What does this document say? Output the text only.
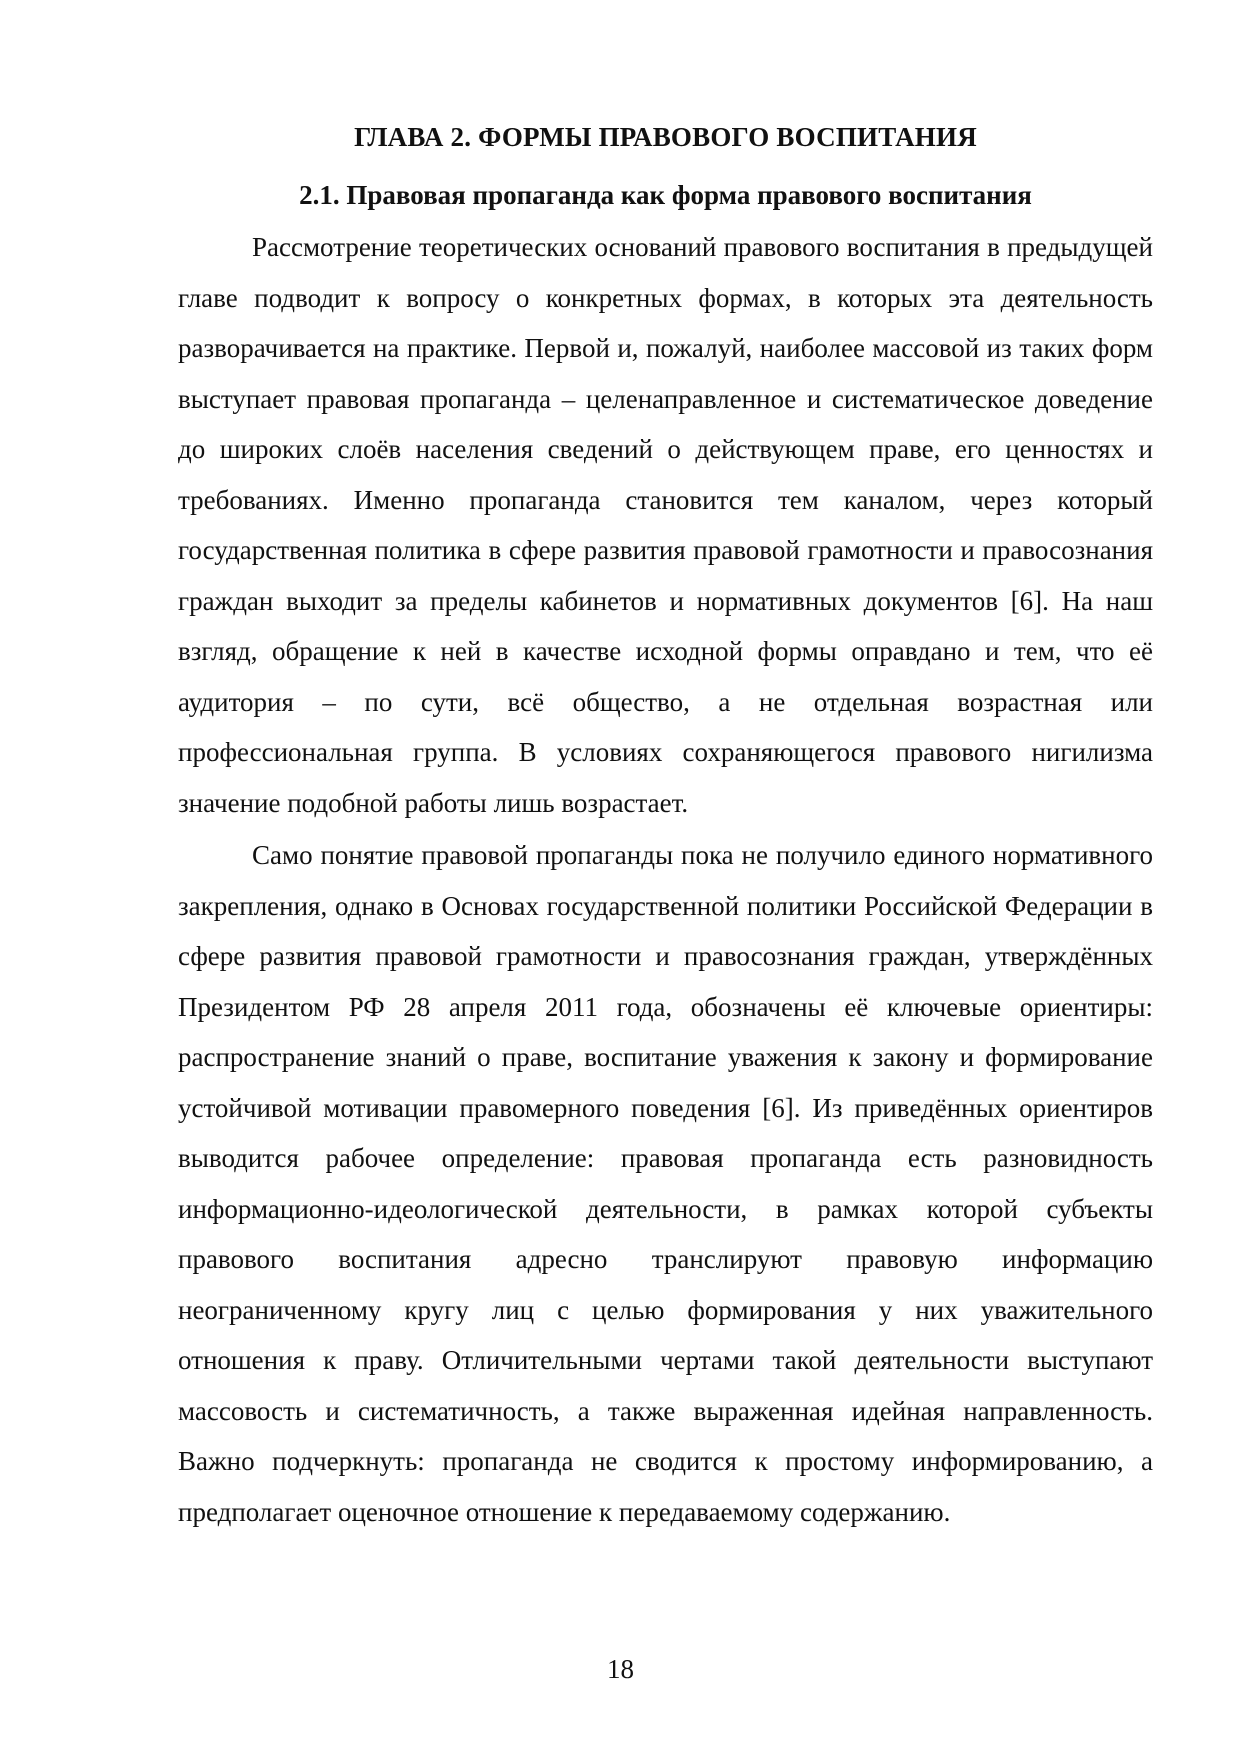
ГЛАВА 2. ФОРМЫ ПРАВОВОГО ВОСПИТАНИЯ
2.1. Правовая пропаганда как форма правового воспитания

Рассмотрение теоретических оснований правового воспитания в предыдущей главе подводит к вопросу о конкретных формах, в которых эта деятельность разворачивается на практике. Первой и, пожалуй, наиболее массовой из таких форм выступает правовая пропаганда – целенаправленное и систематическое доведение до широких слоёв населения сведений о действующем праве, его ценностях и требованиях. Именно пропаганда становится тем каналом, через который государственная политика в сфере развития правовой грамотности и правосознания граждан выходит за пределы кабинетов и нормативных документов [6]. На наш взгляд, обращение к ней в качестве исходной формы оправдано и тем, что её аудитория – по сути, всё общество, а не отдельная возрастная или профессиональная группа. В условиях сохраняющегося правового нигилизма значение подобной работы лишь возрастает.

Само понятие правовой пропаганды пока не получило единого нормативного закрепления, однако в Основах государственной политики Российской Федерации в сфере развития правовой грамотности и правосознания граждан, утверждённых Президентом РФ 28 апреля 2011 года, обозначены её ключевые ориентиры: распространение знаний о праве, воспитание уважения к закону и формирование устойчивой мотивации правомерного поведения [6]. Из приведённых ориентиров выводится рабочее определение: правовая пропаганда есть разновидность информационно-идеологической деятельности, в рамках которой субъекты правового воспитания адресно транслируют правовую информацию неограниченному кругу лиц с целью формирования у них уважительного отношения к праву. Отличительными чертами такой деятельности выступают массовость и систематичность, а также выраженная идейная направленность. Важно подчеркнуть: пропаганда не сводится к простому информированию, а предполагает оценочное отношение к передаваемому содержанию.

18
